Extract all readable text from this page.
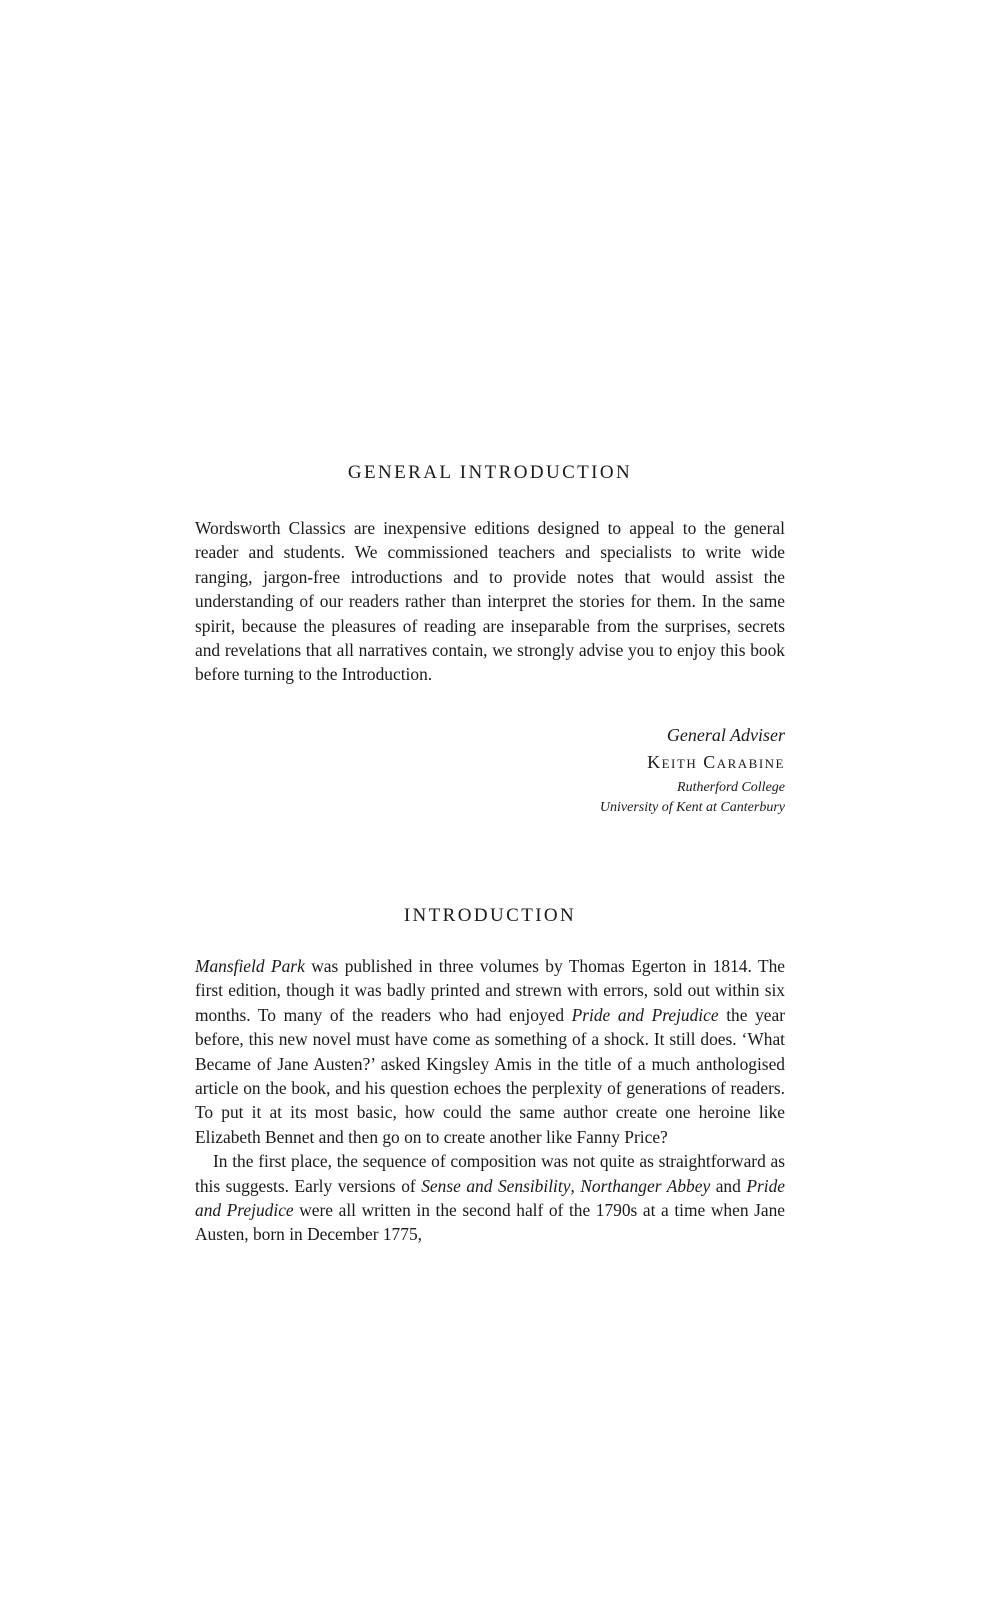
GENERAL INTRODUCTION

Wordsworth Classics are inexpensive editions designed to appeal to the general reader and students. We commissioned teachers and specialists to write wide ranging, jargon-free introductions and to provide notes that would assist the understanding of our readers rather than interpret the stories for them. In the same spirit, because the pleasures of reading are inseparable from the surprises, secrets and revelations that all narratives contain, we strongly advise you to enjoy this book before turning to the Introduction.

General Adviser
Keith Carabine
Rutherford College
University of Kent at Canterbury
INTRODUCTION

Mansfield Park was published in three volumes by Thomas Egerton in 1814. The first edition, though it was badly printed and strewn with errors, sold out within six months. To many of the readers who had enjoyed Pride and Prejudice the year before, this new novel must have come as something of a shock. It still does. ‘What Became of Jane Austen?’ asked Kingsley Amis in the title of a much anthologised article on the book, and his question echoes the perplexity of generations of readers. To put it at its most basic, how could the same author create one heroine like Elizabeth Bennet and then go on to create another like Fanny Price?

In the first place, the sequence of composition was not quite as straightforward as this suggests. Early versions of Sense and Sensibility, Northanger Abbey and Pride and Prejudice were all written in the second half of the 1790s at a time when Jane Austen, born in December 1775,
